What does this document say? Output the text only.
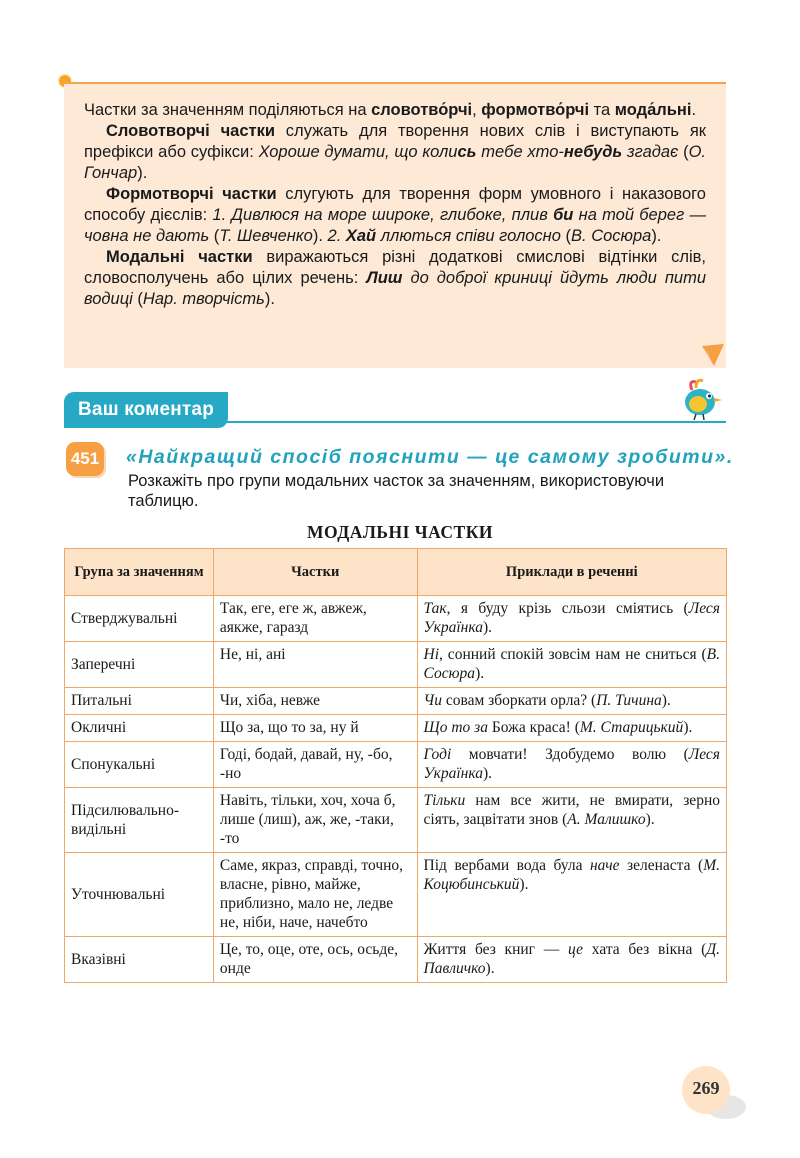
Частки за значенням поділяються на словотво́рчі, формотво́рчі та мода́льні.

Словотворчі частки служать для творення нових слів і виступають як префікси або суфікси: Хороше думати, що колись тебе хто-небудь згадає (О. Гончар).

Формотворчі частки слугують для творення форм умовного і наказового способу дієслів: 1. Дивлюся на море широке, глибоке, плив би на той берег — човна не дають (Т. Шевченко). 2. Хай ллються співи голосно (В. Сосюра).

Модальні частки виражаються різні додаткові смислові відтінки слів, словосполучень або цілих речень: Лиш до доброї криниці йдуть люди пити водиці (Нар. творчість).

Ваш коментар
451 «Найкращий спосіб пояснити — це самому зробити».
Розкажіть про групи модальних часток за значенням, використовуючи таблицю.
МОДАЛЬНІ ЧАСТКИ
Група за значенням	Частки	Приклади в реченні
Стверджувальні	Так, еге, еге ж, авжеж, аякже, гаразд	Так, я буду крізь сльози сміятись (Леся Українка).
Заперечні	Не, ні, ані	Ні, сонний спокій зовсім нам не сниться (В. Сосюра).
Питальні	Чи, хіба, невже	Чи совам зборкати орла? (П. Тичина).
Окличні	Що за, що то за, ну й	Що то за Божа краса! (М. Старицький).
Спонукальні	Годі, бодай, давай, ну, -бо, -но	Годі мовчати! Здобудемо волю (Леся Українка).
Підсилювально-видільні	Навіть, тільки, хоч, хоча б, лише (лиш), аж, же, -таки, -то	Тільки нам все жити, не вмирати, зерно сіять, зацвітати знов (А. Малишко).
Уточнювальні	Саме, якраз, справді, точно, власне, рівно, майже, приблизно, мало не, ледве не, ніби, наче, начебто	Під вербами вода була наче зеленаста (М. Коцюбинський).
Вказівні	Це, то, оце, оте, ось, осьде, онде	Життя без книг — це хата без вікна (Д. Павличко).
269
